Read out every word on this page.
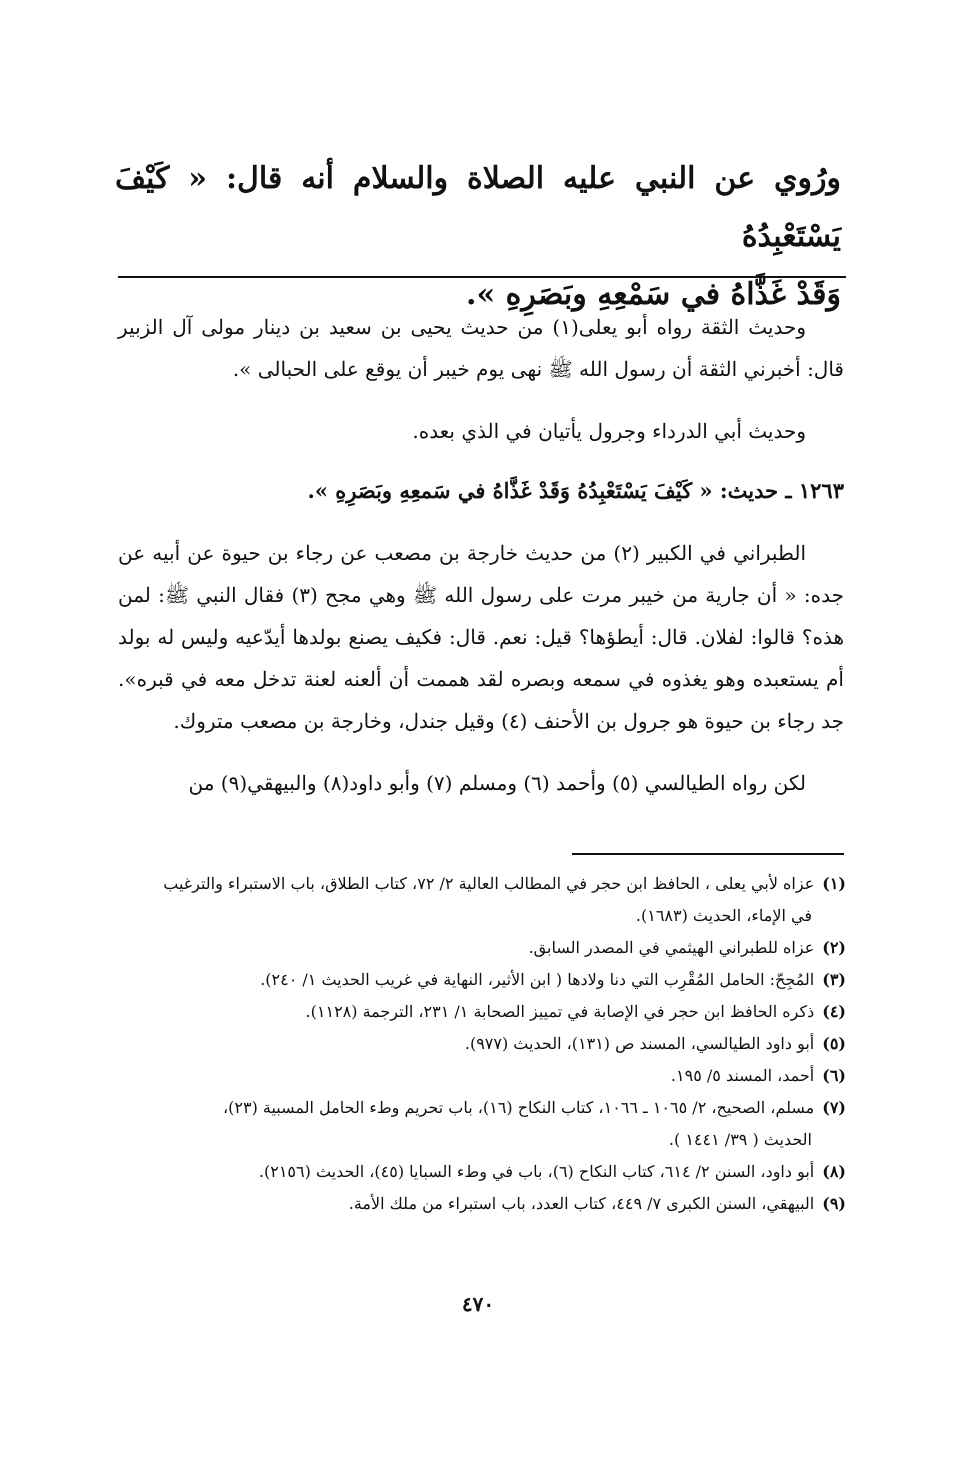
ورُوي عن النبي عليه الصلاة والسلام أنه قال: « كَيْفَ يَسْتَعْبِدُهُ
وَقَدْ غَذَّاهُ في سَمْعِهِ وبَصَرِهِ ».

وحديث الثقة رواه أبو يعلى(١) من حديث يحيى بن سعيد بن دينار مولى آل الزبير قال: أخبرني الثقة أن رسول الله ﷺ نهى يوم خيبر أن يوقع على الحبالى ».

وحديث أبي الدرداء وجرول يأتيان في الذي بعده.

١٢٦٣ ـ حديث: « كَيْفَ يَسْتَعْبِدُهُ وَقَدْ غَذَّاهُ في سَمعِهِ وبَصَرِهِ ».

الطبراني في الكبير (٢) من حديث خارجة بن مصعب عن رجاء بن حيوة عن أبيه عن جده: « أن جارية من خيبر مرت على رسول الله ﷺ وهي مجح (٣) فقال النبي ﷺ: لمن هذه؟ قالوا: لفلان. قال: أيطؤها؟ قيل: نعم. قال: فكيف يصنع بولدها أيدّعيه وليس له بولد أم يستعبده وهو يغذوه في سمعه وبصره لقد هممت أن ألعنه لعنة تدخل معه في قبره». جد رجاء بن حيوة هو جرول بن الأحنف (٤) وقيل جندل، وخارجة بن مصعب متروك.

لكن رواه الطيالسي (٥) وأحمد (٦) ومسلم (٧) وأبو داود(٨) والبيهقي(٩) من

(١)عزاه لأبي يعلى ، الحافظ ابن حجر في المطالب العالية ٢/ ٧٢، كتاب الطلاق، باب الاستبراء والترغيب
في الإماء، الحديث (١٦٨٣).

(٢)عزاه للطبراني الهيثمي في المصدر السابق.

(٣)المُجِحّ: الحامل المُقْرِب التي دنا ولادها ( ابن الأثير، النهاية في غريب الحديث ١/ ٢٤٠).

(٤)ذكره الحافظ ابن حجر في الإصابة في تمييز الصحابة ١/ ٢٣١، الترجمة (١١٢٨).

(٥)أبو داود الطيالسي، المسند ص (١٣١)، الحديث (٩٧٧).

(٦)أحمد، المسند ٥/ ١٩٥.

(٧)مسلم، الصحيح، ٢/ ١٠٦٥ ـ ١٠٦٦، كتاب النكاح (١٦)، باب تحريم وطء الحامل المسبية (٢٣)،
الحديث ( ٣٩/ ١٤٤١ ).

(٨)أبو داود، السنن ٢/ ٦١٤، كتاب النكاح (٦)، باب في وطء السبايا (٤٥)، الحديث (٢١٥٦).

(٩)البيهقي، السنن الكبرى ٧/ ٤٤٩، كتاب العدد، باب استبراء من ملك الأمة.

٤٧٠
